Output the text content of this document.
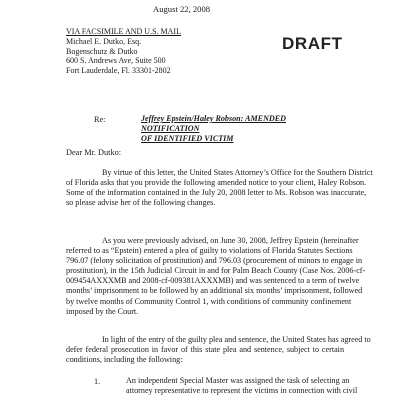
August 22, 2008
DRAFT
VIA FACSIMILE AND U.S. MAIL
Michael E. Dutko, Esq.
Bogenschutz & Dutko
600 S. Andrews Ave, Suite 500
Fort Lauderdale, Fl. 33301-2802
Re:	Jeffrey Epstein/Haley Robson: AMENDED NOTIFICATION
OF IDENTIFIED VICTIM
Dear Mr. Dutko:
By virtue of this letter, the United States Attorney’s Office for the Southern District
of Florida asks that you provide the following amended notice to your client, Haley Robson.
Some of the information contained in the July 20, 2008 letter to Ms. Robson was inaccurate,
so please advise her of the following changes.
As you were previously advised, on June 30, 2008, Jeffrey Epstein (hereinafter
referred to as “Epstein) entered a plea of guilty to violations of Florida Statutes Sections
796.07 (felony solicitation of prostitution) and 796.03 (procurement of minors to engage in
prostitution), in the 15th Judicial Circuit in and for Palm Beach County (Case Nos. 2006-cf-
009454AXXXMB and 2008-cf-009381AXXXMB) and was sentenced to a term of twelve
months’ imprisonment to be followed by an additional six months’ imprisonment, followed
by twelve months of Community Control 1, with conditions of community confinement
imposed by the Court.
In light of the entry of the guilty plea and sentence, the United States has agreed to
defer federal prosecution in favor of this state plea and sentence, subject to certain
conditions, including the following:
1.	An independent Special Master was assigned the task of selecting an
attorney representative to represent the victims in connection with civil
